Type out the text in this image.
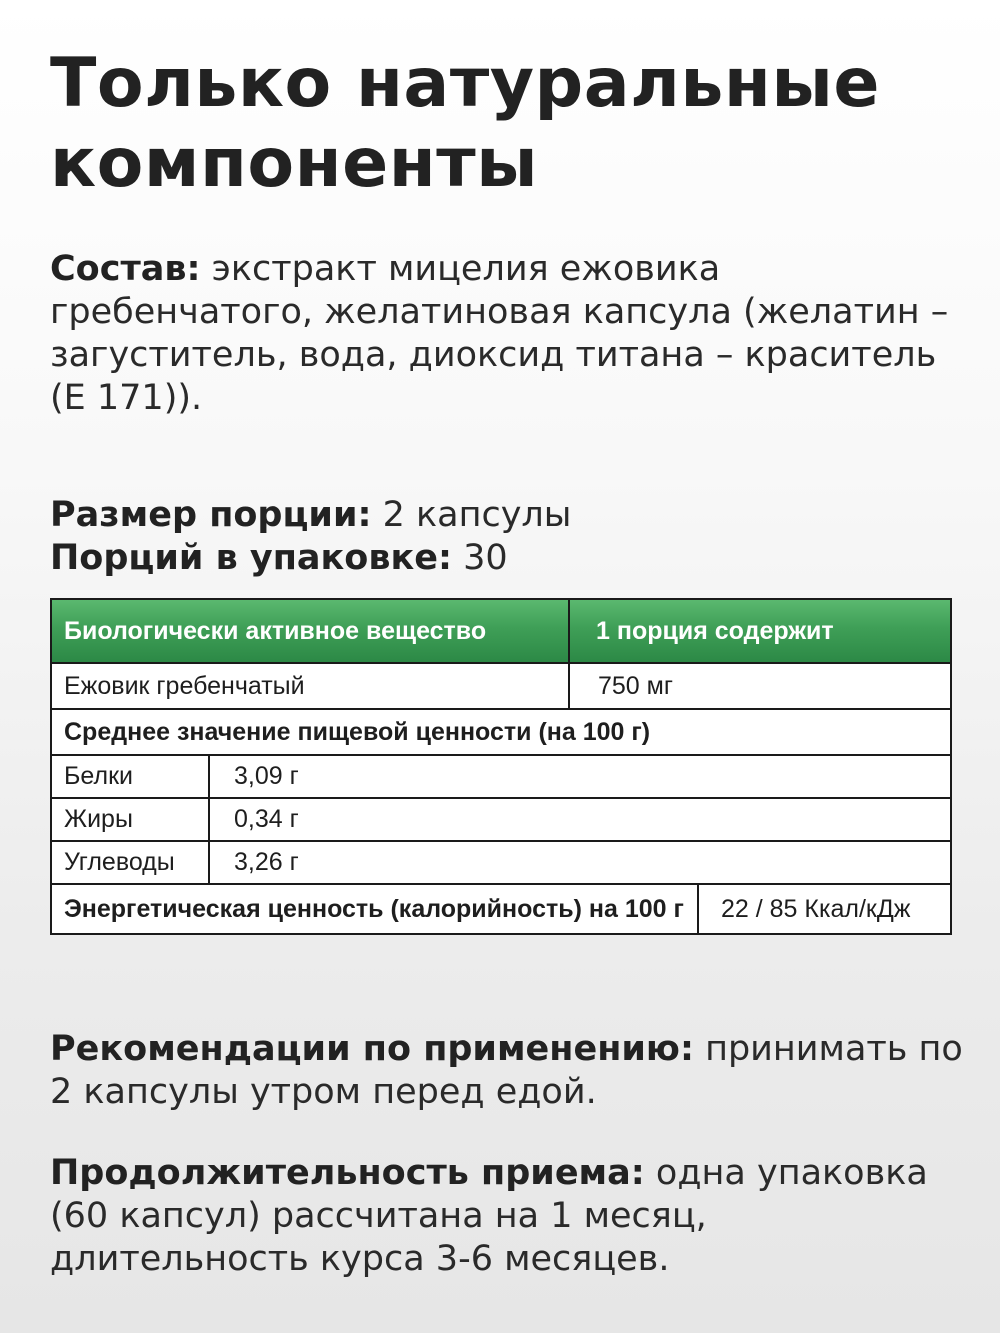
Только натуральные компоненты

Состав: экстракт мицелия ежовика гребенчатого, желатиновая капсула (желатин – загуститель, вода, диоксид титана – краситель (Е 171)).

Размер порции: 2 капсулы
Порций в упаковке: 30

Биологически активное вещество	1 порция содержит
Ежовик гребенчатый	750 мг
Среднее значение пищевой ценности (на 100 г)
Белки	3,09 г
Жиры	0,34 г
Углеводы	3,26 г
Энергетическая ценность (калорийность) на 100 г	22 / 85 Ккал/кДж

Рекомендации по применению: принимать по 2 капсулы утром перед едой.

Продолжительность приема: одна упаковка (60 капсул) рассчитана на 1 месяц, длительность курса 3-6 месяцев.
